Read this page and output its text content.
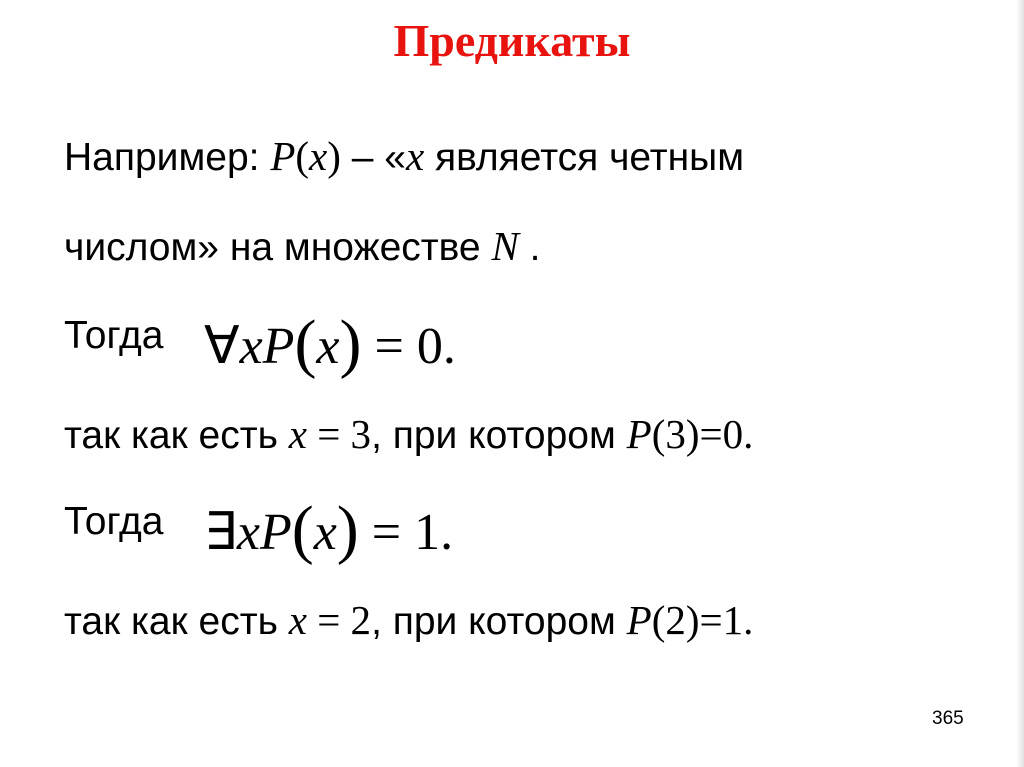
Предикаты
Например: P(x) – «x является четным
числом» на множестве N .
Тогда ∀xP(x) = 0.
так как есть x = 3, при котором P(3)=0.
Тогда ∃xP(x) = 1.
так как есть x = 2, при котором P(2)=1.
365
